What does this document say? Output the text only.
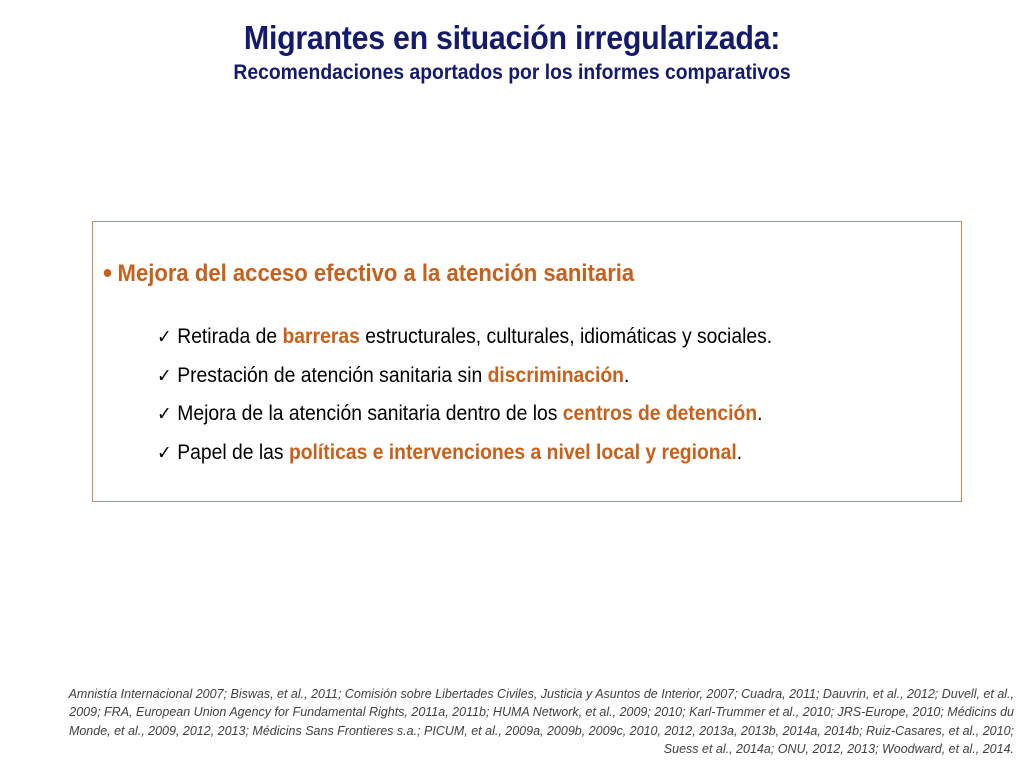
Migrantes en situación irregularizada:
Recomendaciones aportados por los informes comparativos
• Mejora del acceso efectivo a la atención sanitaria
✓ Retirada de barreras estructurales, culturales, idiomáticas y sociales.
✓ Prestación de atención sanitaria sin discriminación.
✓ Mejora de la atención sanitaria dentro de los centros de detención.
✓ Papel de las políticas e intervenciones a nivel local y regional.
Amnistía Internacional 2007; Biswas, et al., 2011; Comisión sobre Libertades Civiles, Justicia y Asuntos de Interior, 2007; Cuadra, 2011; Dauvrin, et al., 2012; Duvell, et al.,
2009; FRA, European Union Agency for Fundamental Rights, 2011a, 2011b; HUMA Network, et al., 2009; 2010; Karl-Trummer et al., 2010; JRS-Europe, 2010; Médicins du
Monde, et al., 2009, 2012, 2013; Médicins Sans Frontieres s.a.; PICUM, et al., 2009a, 2009b, 2009c, 2010, 2012, 2013a, 2013b, 2014a, 2014b; Ruiz-Casares, et al., 2010;
Suess et al., 2014a; ONU, 2012, 2013; Woodward, et al., 2014.
